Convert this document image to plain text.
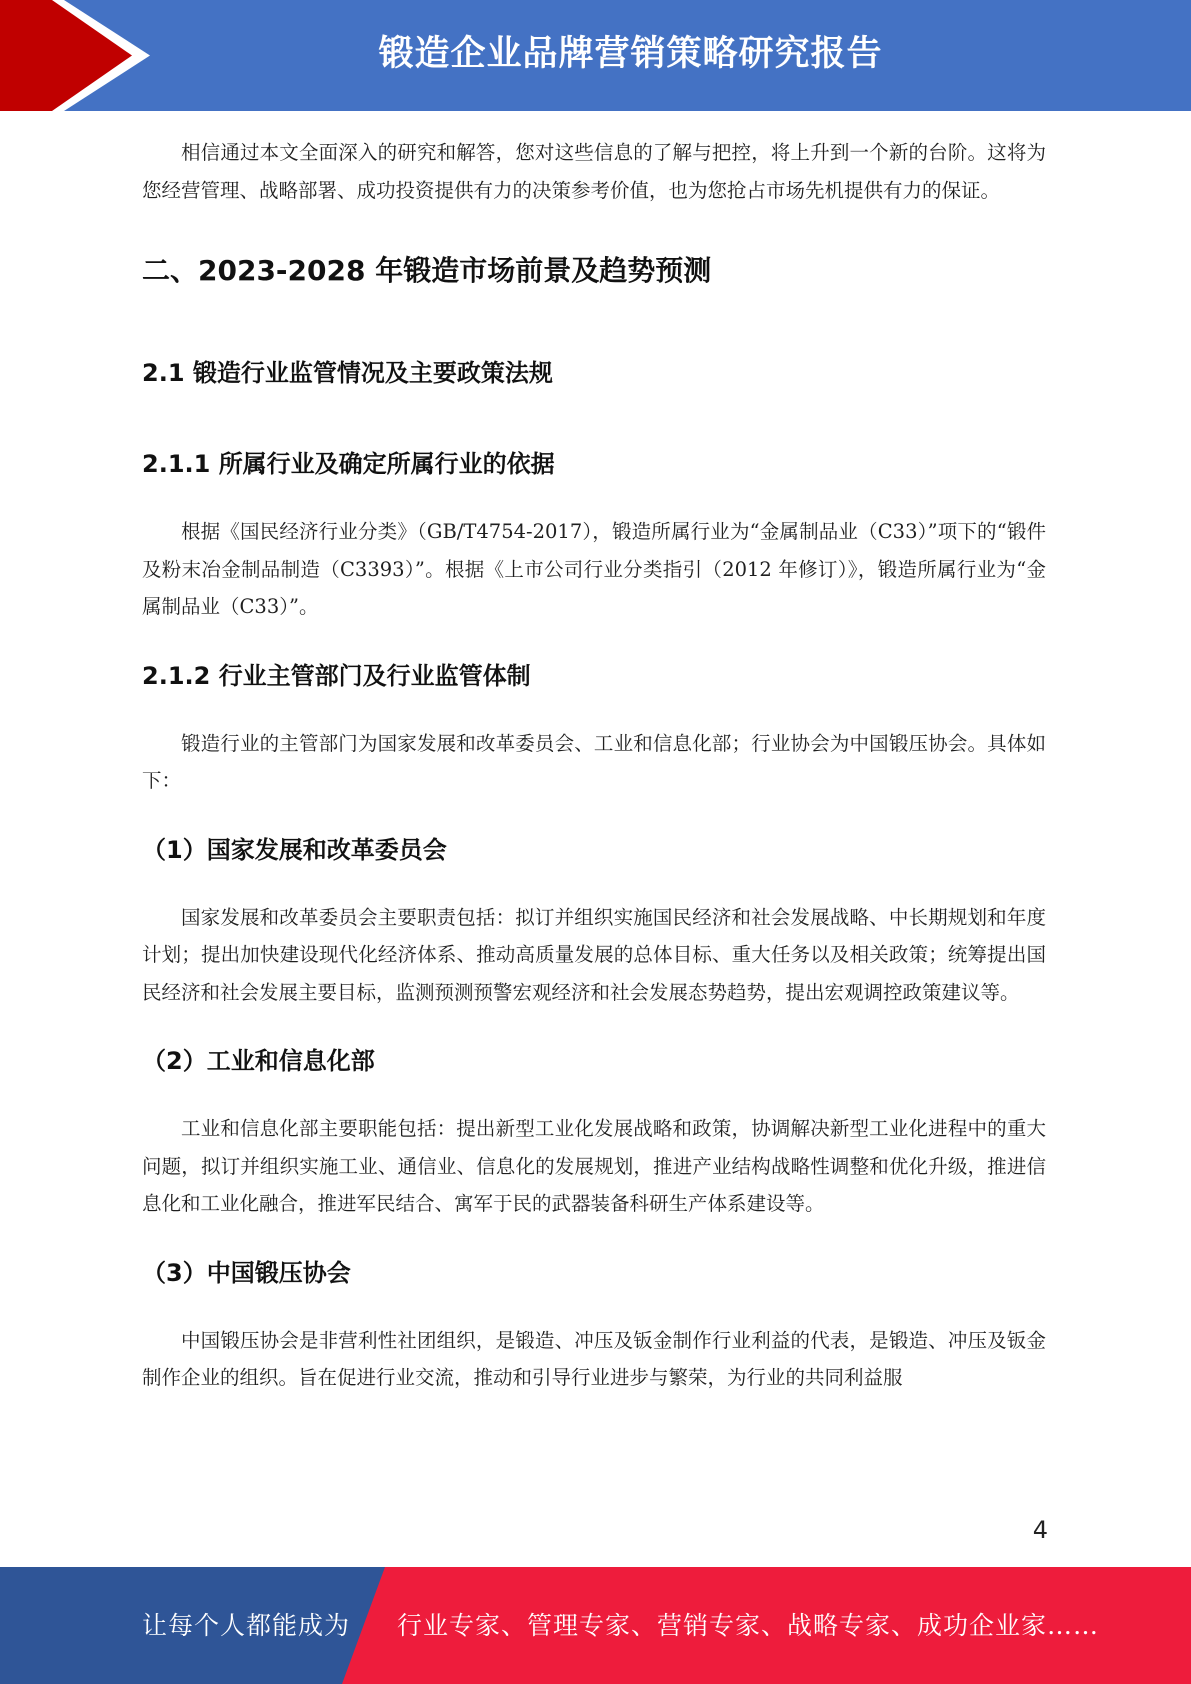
锻造企业品牌营销策略研究报告

相信通过本文全面深入的研究和解答，您对这些信息的了解与把控，将上升到一个新的台阶。这将为您经营管理、战略部署、成功投资提供有力的决策参考价值，也为您抢占市场先机提供有力的保证。

二、2023-2028 年锻造市场前景及趋势预测
2.1 锻造行业监管情况及主要政策法规
2.1.1 所属行业及确定所属行业的依据

根据《国民经济行业分类》（GB/T4754-2017），锻造所属行业为“金属制品业（C33）”项下的“锻件及粉末冶金制品制造（C3393）”。根据《上市公司行业分类指引（2012 年修订）》，锻造所属行业为“金属制品业（C33）”。

2.1.2 行业主管部门及行业监管体制

锻造行业的主管部门为国家发展和改革委员会、工业和信息化部；行业协会为中国锻压协会。具体如下：

（1）国家发展和改革委员会

国家发展和改革委员会主要职责包括：拟订并组织实施国民经济和社会发展战略、中长期规划和年度计划；提出加快建设现代化经济体系、推动高质量发展的总体目标、重大任务以及相关政策；统筹提出国民经济和社会发展主要目标，监测预测预警宏观经济和社会发展态势趋势，提出宏观调控政策建议等。

（2）工业和信息化部

工业和信息化部主要职能包括：提出新型工业化发展战略和政策，协调解决新型工业化进程中的重大问题，拟订并组织实施工业、通信业、信息化的发展规划，推进产业结构战略性调整和优化升级，推进信息化和工业化融合，推进军民结合、寓军于民的武器装备科研生产体系建设等。

（3）中国锻压协会

中国锻压协会是非营利性社团组织，是锻造、冲压及钣金制作行业利益的代表，是锻造、冲压及钣金制作企业的组织。旨在促进行业交流，推动和引导行业进步与繁荣，为行业的共同利益服

4
让每个人都能成为 行业专家、管理专家、营销专家、战略专家、成功企业家……
